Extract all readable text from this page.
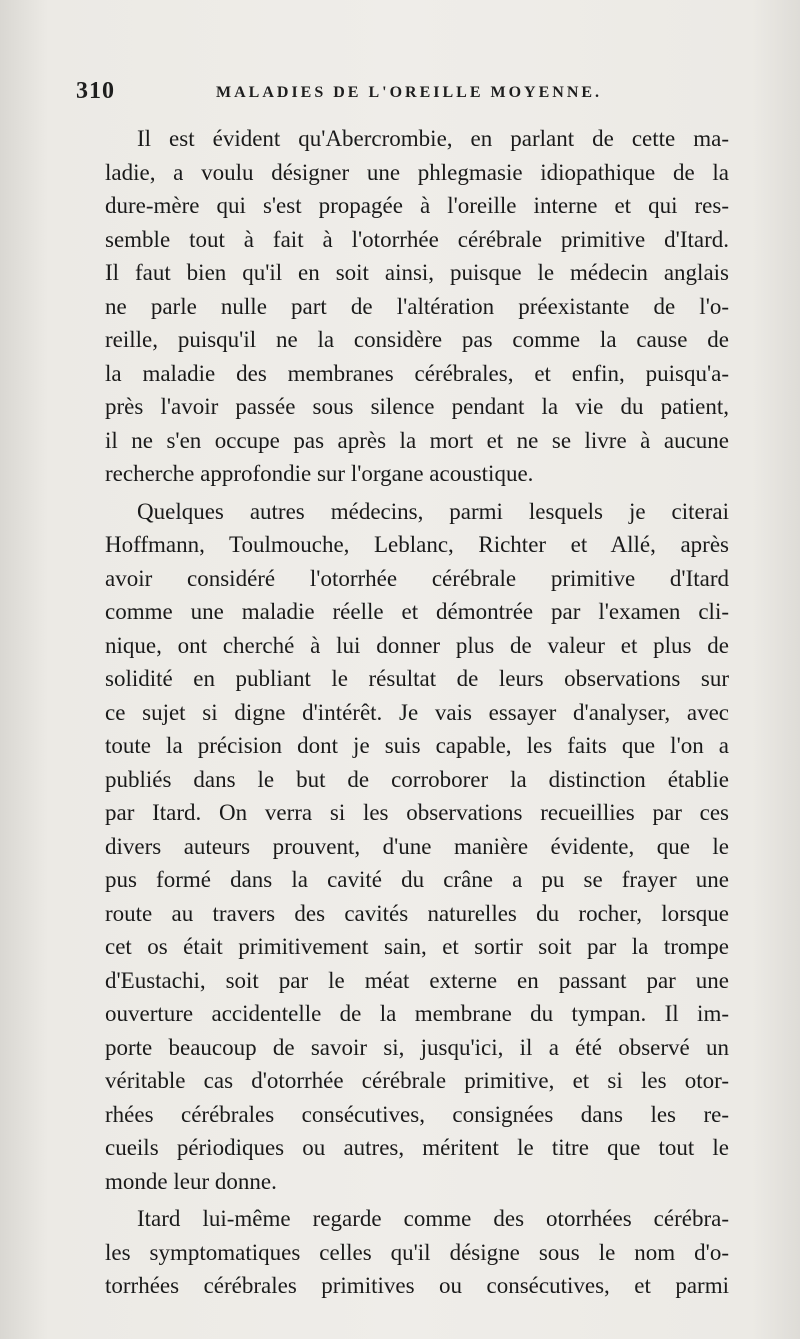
310	MALADIES DE L'OREILLE MOYENNE.
Il est évident qu'Abercrombie, en parlant de cette ma-
ladie, a voulu désigner une phlegmasie idiopathique de la
dure-mère qui s'est propagée à l'oreille interne et qui res-
semble tout à fait à l'otorrhée cérébrale primitive d'Itard.
Il faut bien qu'il en soit ainsi, puisque le médecin anglais
ne parle nulle part de l'altération préexistante de l'o-
reille, puisqu'il ne la considère pas comme la cause de
la maladie des membranes cérébrales, et enfin, puisqu'a-
près l'avoir passée sous silence pendant la vie du patient,
il ne s'en occupe pas après la mort et ne se livre à aucune
recherche approfondie sur l'organe acoustique.
Quelques autres médecins, parmi lesquels je citerai
Hoffmann, Toulmouche, Leblanc, Richter et Allé, après
avoir considéré l'otorrhée cérébrale primitive d'Itard
comme une maladie réelle et démontrée par l'examen cli-
nique, ont cherché à lui donner plus de valeur et plus de
solidité en publiant le résultat de leurs observations sur
ce sujet si digne d'intérêt. Je vais essayer d'analyser, avec
toute la précision dont je suis capable, les faits que l'on a
publiés dans le but de corroborer la distinction établie
par Itard. On verra si les observations recueillies par ces
divers auteurs prouvent, d'une manière évidente, que le
pus formé dans la cavité du crâne a pu se frayer une
route au travers des cavités naturelles du rocher, lorsque
cet os était primitivement sain, et sortir soit par la trompe
d'Eustachi, soit par le méat externe en passant par une
ouverture accidentelle de la membrane du tympan. Il im-
porte beaucoup de savoir si, jusqu'ici, il a été observé un
véritable cas d'otorrhée cérébrale primitive, et si les otor-
rhées cérébrales consécutives, consignées dans les re-
cueils périodiques ou autres, méritent le titre que tout le
monde leur donne.
Itard lui-même regarde comme des otorrhées cérébra-
les symptomatiques celles qu'il désigne sous le nom d'o-
torrhées cérébrales primitives ou consécutives, et parmi
